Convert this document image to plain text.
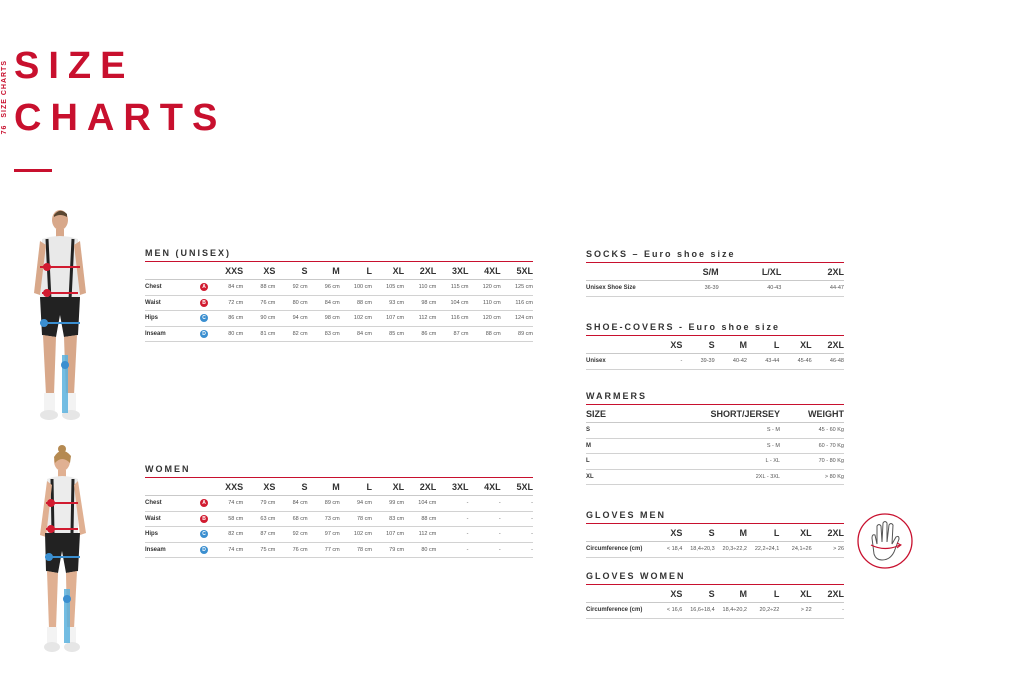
76 SIZE CHARTS SIZE
CHARTS
MEN (UNISEX)
		XXS	XS	S	M	L	XL	2XL	3XL	4XL	5XL
Chest	A	84 cm	88 cm	92 cm	96 cm	100 cm	105 cm	110 cm	115 cm	120 cm	125 cm
Waist	B	72 cm	76 cm	80 cm	84 cm	88 cm	93 cm	98 cm	104 cm	110 cm	116 cm
Hips	C	86 cm	90 cm	94 cm	98 cm	102 cm	107 cm	112 cm	116 cm	120 cm	124 cm
Inseam	D	80 cm	81 cm	82 cm	83 cm	84 cm	85 cm	86 cm	87 cm	88 cm	89 cm
WOMEN
		XXS	XS	S	M	L	XL	2XL	3XL	4XL	5XL
Chest	A	74 cm	79 cm	84 cm	89 cm	94 cm	99 cm	104 cm	-	-	-
Waist	B	58 cm	63 cm	68 cm	73 cm	78 cm	83 cm	88 cm	-	-	-
Hips	C	82 cm	87 cm	92 cm	97 cm	102 cm	107 cm	112 cm	-	-	-
Inseam	D	74 cm	75 cm	76 cm	77 cm	78 cm	79 cm	80 cm	-	-	-
SOCKS – Euro shoe size
	S/M	L/XL	2XL
Unisex Shoe Size	36-39	40-43	44-47
SHOE-COVERS - Euro shoe size
	XS	S	M	L	XL	2XL
Unisex	-	39-39	40-42	43-44	45-46	46-48
WARMERS
SIZE	SHORT/JERSEY	WEIGHT
S	S - M	45 - 60 Kg
M	S - M	60 - 70 Kg
L	L - XL	70 - 80 Kg
XL	2XL - 3XL	> 80 Kg
GLOVES MEN
	XS	S	M	L	XL	2XL
Circumference (cm)	< 18,4	18,4÷20,3	20,3÷22,2	22,2÷24,1	24,1÷26	> 26
GLOVES WOMEN
	XS	S	M	L	XL	2XL
Circumference (cm)	< 16,6	16,6÷18,4	18,4÷20,2	20,2÷22	> 22	-
